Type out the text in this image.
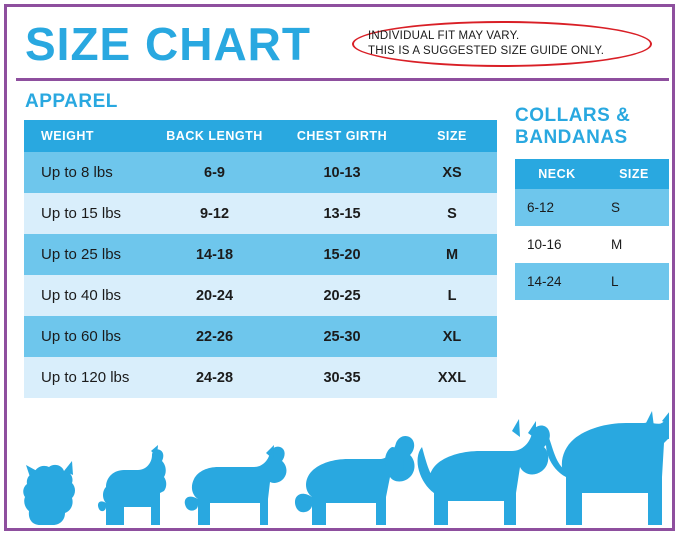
SIZE CHART	INDIVIDUAL FIT MAY VARY.
THIS IS A SUGGESTED SIZE GUIDE ONLY.
APPAREL
COLLARS &
BANDANAS
WEIGHT	BACK LENGTH	CHEST GIRTH	SIZE
Up to 8 lbs	6-9	10-13	XS
Up to 15 lbs	9-12	13-15	S
Up to 25 lbs	14-18	15-20	M
Up to 40 lbs	20-24	20-25	L
Up to 60 lbs	22-26	25-30	XL
Up to 120 lbs	24-28	30-35	XXL
NECK	SIZE
6-12	S
10-16	M
14-24	L
